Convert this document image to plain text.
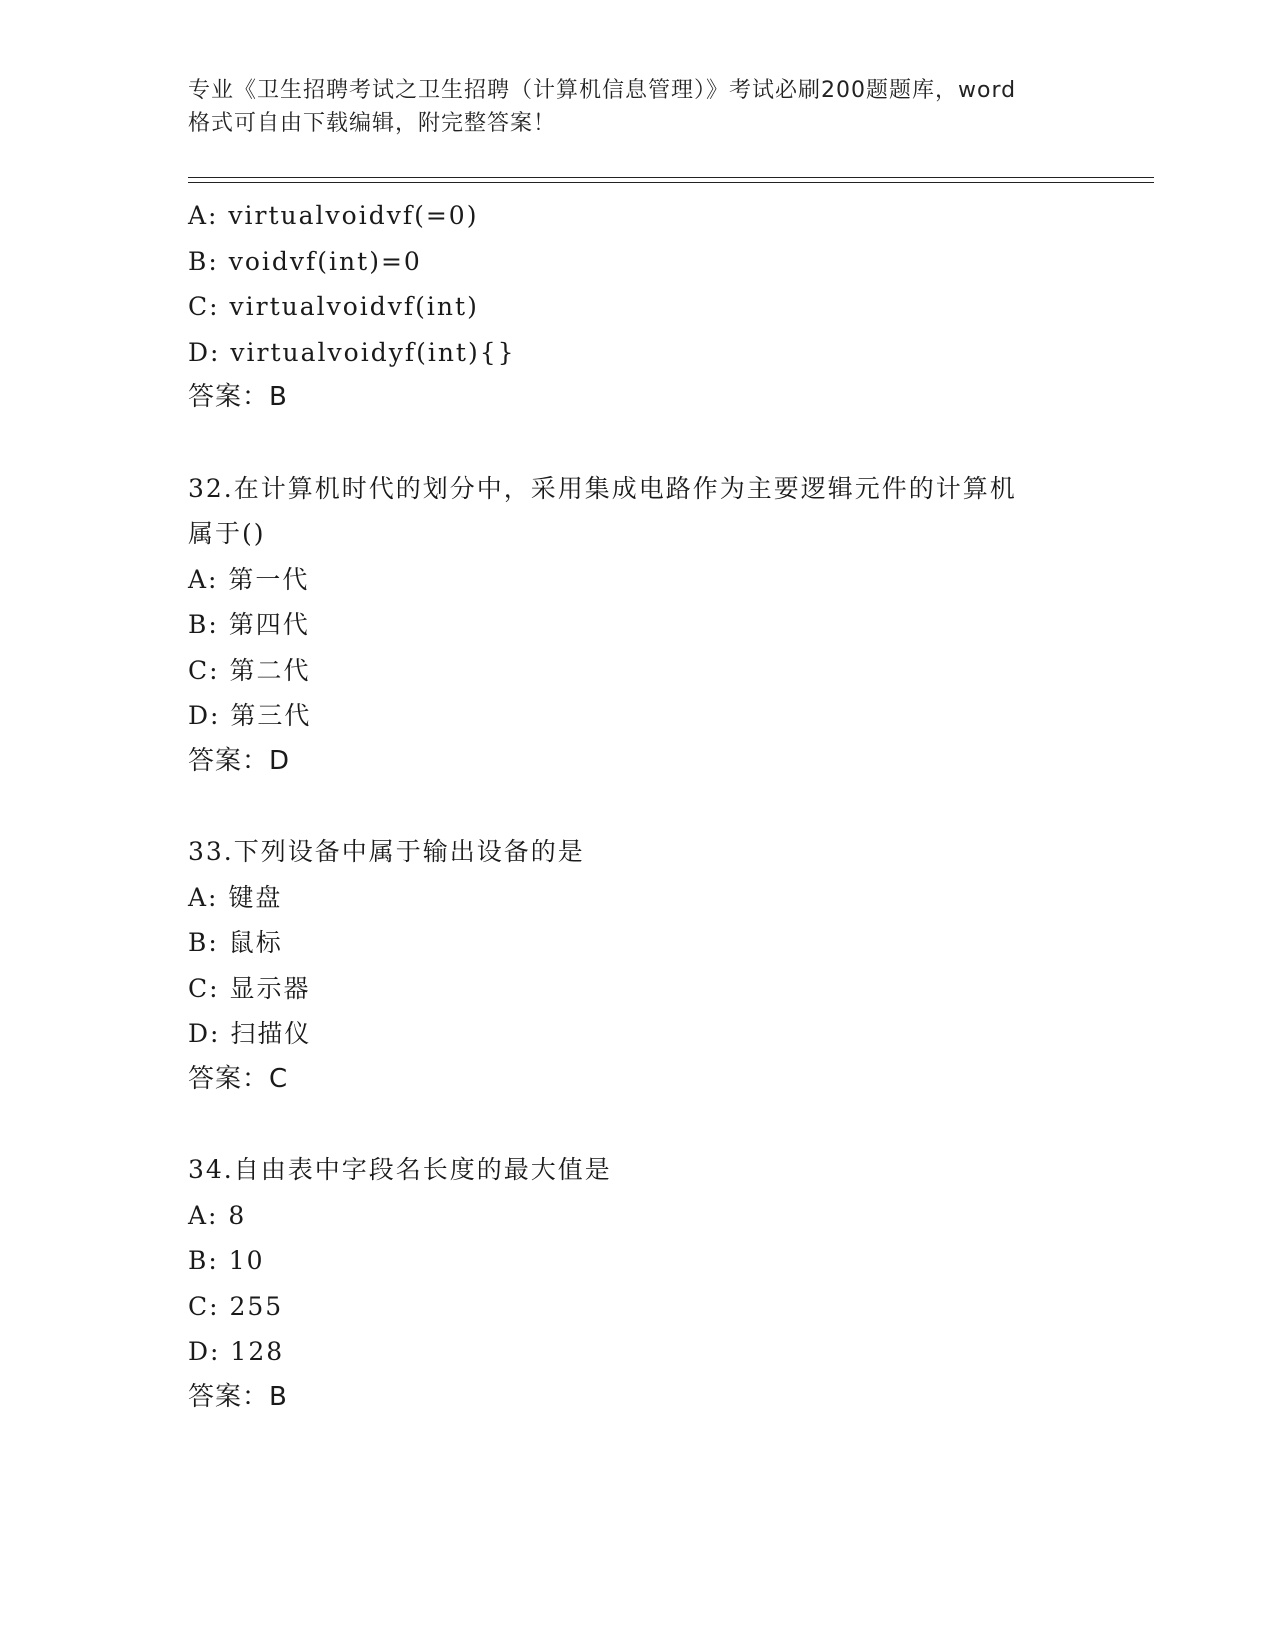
专业《卫生招聘考试之卫生招聘（计算机信息管理）》考试必刷200题题库，word
格式可自由下载编辑，附完整答案！
A: virtualvoidvf(=0)
B: voidvf(int)=0
C: virtualvoidvf(int)
D: virtualvoidyf(int){}
答案：B
32.在计算机时代的划分中，采用集成电路作为主要逻辑元件的计算机
属于()
A: 第一代
B: 第四代
C: 第二代
D: 第三代
答案：D
33.下列设备中属于输出设备的是
A: 键盘
B: 鼠标
C: 显示器
D: 扫描仪
答案：C
34.自由表中字段名长度的最大值是
A: 8
B: 10
C: 255
D: 128
答案：B
